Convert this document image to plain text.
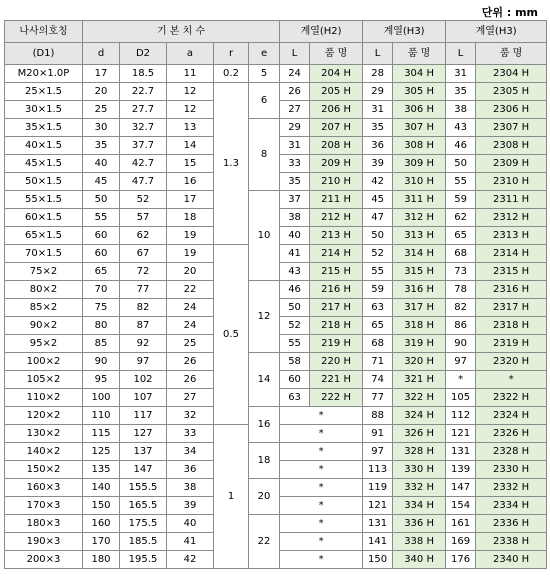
단위 : mm
나사의호칭	기 본 치 수					계열(H2)		계열(H3)		계열(H3)	
(D1)	d	D2	a	r	e	L	품 명	L	품 명	L	품 명
M20×1.0P	17	18.5	11	0.2	5	24	204 H	28	304 H	31	2304 H
25×1.5	20	22.7	12	1.3	6	26	205 H	29	305 H	35	2305 H
30×1.5	25	27.7	12			27	206 H	31	306 H	38	2306 H
35×1.5	30	32.7	13		8	29	207 H	35	307 H	43	2307 H
40×1.5	35	37.7	14			31	208 H	36	308 H	46	2308 H
45×1.5	40	42.7	15			33	209 H	39	309 H	50	2309 H
50×1.5	45	47.7	16			35	210 H	42	310 H	55	2310 H
55×1.5	50	52	17		10	37	211 H	45	311 H	59	2311 H
60×1.5	55	57	18			38	212 H	47	312 H	62	2312 H
65×1.5	60	62	19			40	213 H	50	313 H	65	2313 H
70×1.5	60	67	19	0.5		41	214 H	52	314 H	68	2314 H
75×2	65	72	20			43	215 H	55	315 H	73	2315 H
80×2	70	77	22		12	46	216 H	59	316 H	78	2316 H
85×2	75	82	24			50	217 H	63	317 H	82	2317 H
90×2	80	87	24			52	218 H	65	318 H	86	2318 H
95×2	85	92	25			55	219 H	68	319 H	90	2319 H
100×2	90	97	26		14	58	220 H	71	320 H	97	2320 H
105×2	95	102	26			60	221 H	74	321 H	*	*
110×2	100	107	27			63	222 H	77	322 H	105	2322 H
120×2	110	117	32		16	*		88	324 H	112	2324 H
130×2	115	127	33	1		*		91	326 H	121	2326 H
140×2	125	137	34		18	*		97	328 H	131	2328 H
150×2	135	147	36			*		113	330 H	139	2330 H
160×3	140	155.5	38		20	*		119	332 H	147	2332 H
170×3	150	165.5	39			*		121	334 H	154	2334 H
180×3	160	175.5	40		22	*		131	336 H	161	2336 H
190×3	170	185.5	41			*		141	338 H	169	2338 H
200×3	180	195.5	42			*		150	340 H	176	2340 H
